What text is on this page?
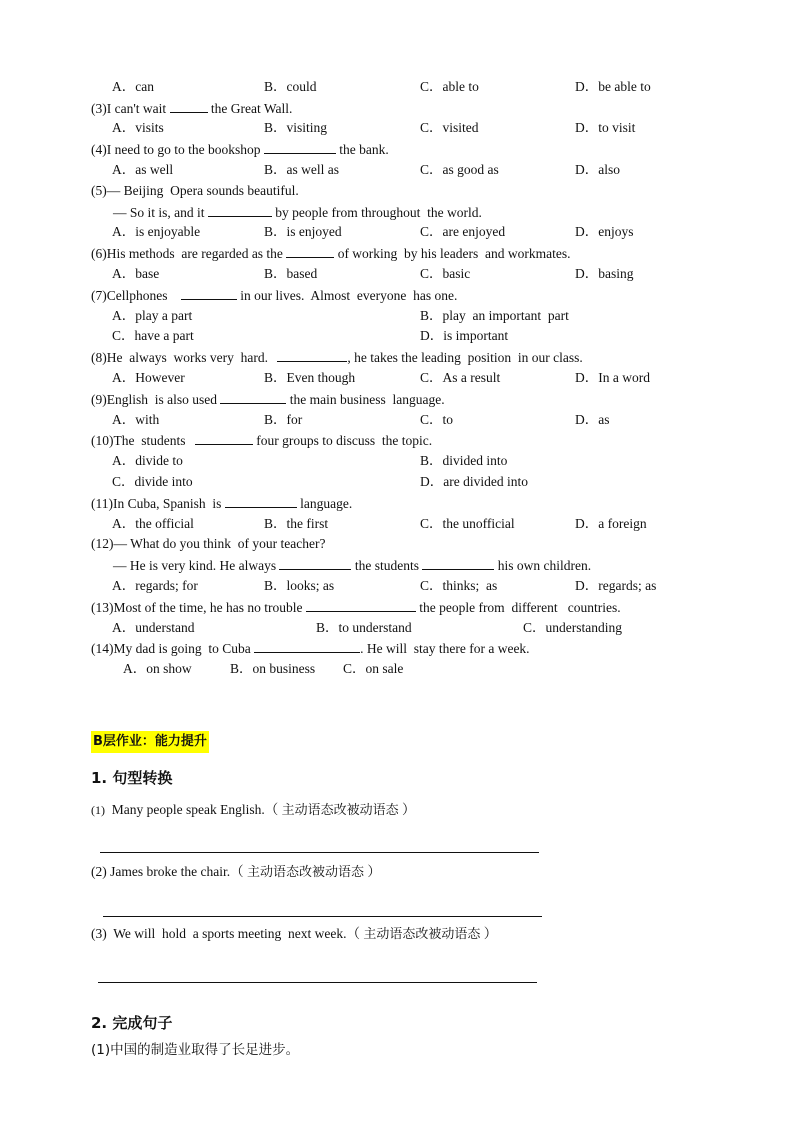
A．can	B．could	C．able to	D．be able to
(3)I can't wait	the Great Wall.
A．visits	B．visiting	C．visited	D．to visit
(4)I need to go to the bookshop	the bank.
A．as well	B．as well as	C．as good as	D．also
(5)— Beijing  Opera sounds beautiful.
— So it is, and it	by people from throughout  the world.
A．is enjoyable	B．is enjoyed	C．are enjoyed	D．enjoys
(6)His methods  are regarded as the	of working  by his leaders  and workmates.
A．base	B．based	C．basic	D．basing
(7)Cellphones	in our lives.  Almost  everyone  has one.
A．play a part	B．play  an important  part
C．have a part	D．is important
(8)He  always  works very  hard.	, he takes the leading  position  in our class.
A．However	B．Even though	C．As a result	D．In a word
(9)English  is also used	the main business  language.
A．with	B．for	C．to	D．as
(10)The  students	four groups to discuss  the topic.
A．divide to	B．divided into
C．divide into	D．are divided into
(11)In Cuba, Spanish  is	language.
A．the official	B．the first	C．the unofficial	D．a foreign
(12)— What do you think  of your teacher?
— He is very kind. He always	the students	his own children.
A．regards; for	B．looks; as	C．thinks;  as	D．regards; as
(13)Most of the time, he has no trouble	the people from  different   countries.
A．understand	B．to understand	C．understanding
(14)My dad is going  to Cuba	. He will  stay there for a week.
A．on show	B．on business C．on sale
B层作业：能力提升
1. 句型转换
(1)  Many people speak English.（ 主动语态改被动语态 ）
(2) James broke the chair.（ 主动语态改被动语态 ）
(3)  We will  hold  a sports meeting  next week.（ 主动语态改被动语态 ）
2. 完成句子
(1)中国的制造业取得了长足进步。
